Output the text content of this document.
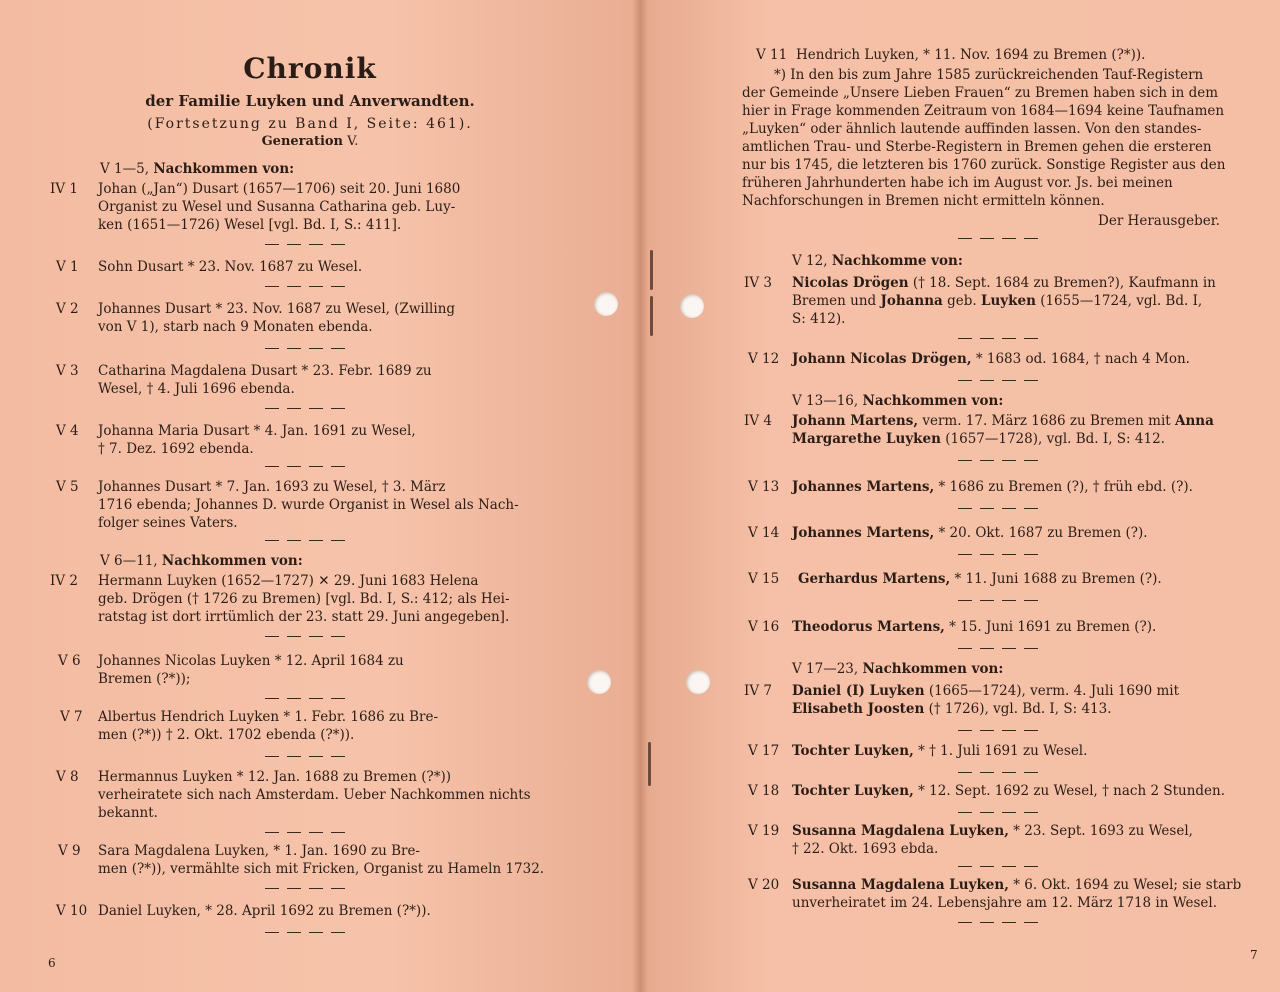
Chronik
der Familie Luyken und Anverwandten.
(Fortsetzung zu Band I, Seite: 461).
Generation V.
V 1—5, Nachkommen von:
IV 1 Johan („Jan“) Dusart (1657—1706) seit 20. Juni 1680
Organist zu Wesel und Susanna Catharina geb. Luy-
ken (1651—1726) Wesel [vgl. Bd. I, S.: 411].
V 1 Sohn Dusart * 23. Nov. 1687 zu Wesel.
V 2 Johannes Dusart * 23. Nov. 1687 zu Wesel, (Zwilling
von V 1), starb nach 9 Monaten ebenda.
V 3 Catharina Magdalena Dusart * 23. Febr. 1689 zu
Wesel, † 4. Juli 1696 ebenda.
V 4 Johanna Maria Dusart * 4. Jan. 1691 zu Wesel,
† 7. Dez. 1692 ebenda.
V 5 Johannes Dusart * 7. Jan. 1693 zu Wesel, † 3. März
1716 ebenda; Johannes D. wurde Organist in Wesel als Nach-
folger seines Vaters.
V 6—11, Nachkommen von:
IV 2 Hermann Luyken (1652—1727) ✕ 29. Juni 1683 Helena
geb. Drögen († 1726 zu Bremen) [vgl. Bd. I, S.: 412; als Hei-
ratstag ist dort irrtümlich der 23. statt 29. Juni angegeben].
V 6 Johannes Nicolas Luyken * 12. April 1684 zu
Bremen (?*));
V 7 Albertus Hendrich Luyken * 1. Febr. 1686 zu Bre-
men (?*)) † 2. Okt. 1702 ebenda (?*)).
V 8 Hermannus Luyken * 12. Jan. 1688 zu Bremen (?*))
verheiratete sich nach Amsterdam. Ueber Nachkommen nichts
bekannt.
V 9 Sara Magdalena Luyken, * 1. Jan. 1690 zu Bre-
men (?*)), vermählte sich mit Fricken, Organist zu Hameln 1732.
V 10 Daniel Luyken, * 28. April 1692 zu Bremen (?*)).
6
V 11 Hendrich Luyken, * 11. Nov. 1694 zu Bremen (?*)).
*) In den bis zum Jahre 1585 zurückreichenden Tauf-Registern
der Gemeinde „Unsere Lieben Frauen“ zu Bremen haben sich in dem
hier in Frage kommenden Zeitraum von 1684—1694 keine Taufnamen
„Luyken“ oder ähnlich lautende auffinden lassen. Von den standes-
amtlichen Trau- und Sterbe-Registern in Bremen gehen die ersteren
nur bis 1745, die letzteren bis 1760 zurück. Sonstige Register aus den
früheren Jahrhunderten habe ich im August vor. Js. bei meinen
Nachforschungen in Bremen nicht ermitteln können.
Der Herausgeber.
V 12, Nachkomme von:
IV 3 Nicolas Drögen († 18. Sept. 1684 zu Bremen?), Kaufmann in
Bremen und Johanna geb. Luyken (1655—1724, vgl. Bd. I,
S: 412).
V 12 Johann Nicolas Drögen, * 1683 od. 1684, † nach 4 Mon.
V 13—16, Nachkommen von:
IV 4 Johann Martens, verm. 17. März 1686 zu Bremen mit Anna
Margarethe Luyken (1657—1728), vgl. Bd. I, S: 412.
V 13 Johannes Martens, * 1686 zu Bremen (?), † früh ebd. (?).
V 14 Johannes Martens, * 20. Okt. 1687 zu Bremen (?).
V 15 Gerhardus Martens, * 11. Juni 1688 zu Bremen (?).
V 16 Theodorus Martens, * 15. Juni 1691 zu Bremen (?).
V 17—23, Nachkommen von:
IV 7 Daniel (I) Luyken (1665—1724), verm. 4. Juli 1690 mit
Elisabeth Joosten († 1726), vgl. Bd. I, S: 413.
V 17 Tochter Luyken, * † 1. Juli 1691 zu Wesel.
V 18 Tochter Luyken, * 12. Sept. 1692 zu Wesel, † nach 2 Stunden.
V 19 Susanna Magdalena Luyken, * 23. Sept. 1693 zu Wesel,
† 22. Okt. 1693 ebda.
V 20 Susanna Magdalena Luyken, * 6. Okt. 1694 zu Wesel; sie starb
unverheiratet im 24. Lebensjahre am 12. März 1718 in Wesel.
7
